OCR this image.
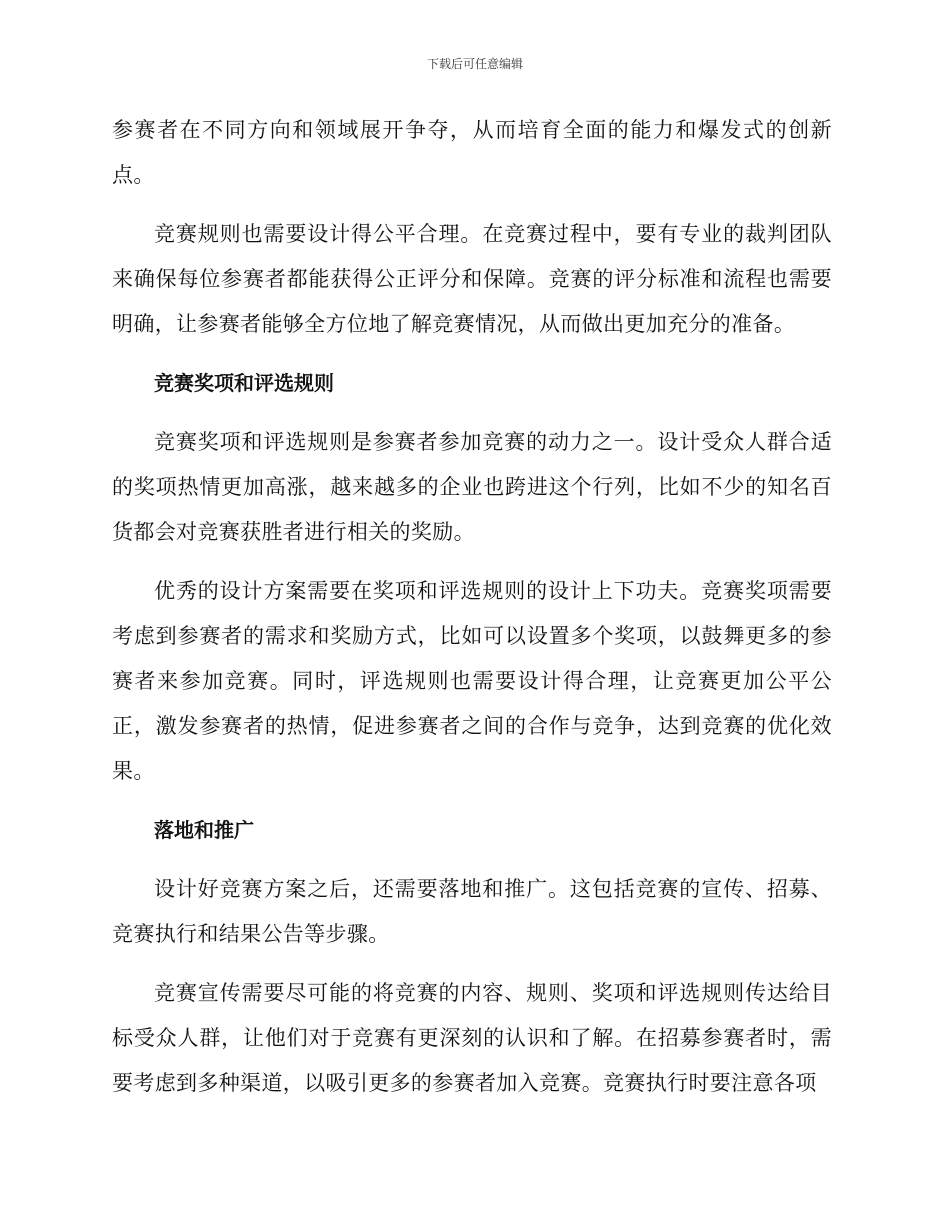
下载后可任意编辑

参赛者在不同方向和领域展开争夺，从而培育全面的能力和爆发式的创新点。

竞赛规则也需要设计得公平合理。在竞赛过程中，要有专业的裁判团队来确保每位参赛者都能获得公正评分和保障。竞赛的评分标准和流程也需要明确，让参赛者能够全方位地了解竞赛情况，从而做出更加充分的准备。

竞赛奖项和评选规则

竞赛奖项和评选规则是参赛者参加竞赛的动力之一。设计受众人群合适的奖项热情更加高涨，越来越多的企业也跨进这个行列，比如不少的知名百货都会对竞赛获胜者进行相关的奖励。

优秀的设计方案需要在奖项和评选规则的设计上下功夫。竞赛奖项需要考虑到参赛者的需求和奖励方式，比如可以设置多个奖项，以鼓舞更多的参赛者来参加竞赛。同时，评选规则也需要设计得合理，让竞赛更加公平公正，激发参赛者的热情，促进参赛者之间的合作与竞争，达到竞赛的优化效果。

落地和推广

设计好竞赛方案之后，还需要落地和推广。这包括竞赛的宣传、招募、竞赛执行和结果公告等步骤。

竞赛宣传需要尽可能的将竞赛的内容、规则、奖项和评选规则传达给目标受众人群，让他们对于竞赛有更深刻的认识和了解。在招募参赛者时，需要考虑到多种渠道，以吸引更多的参赛者加入竞赛。竞赛执行时要注意各项
